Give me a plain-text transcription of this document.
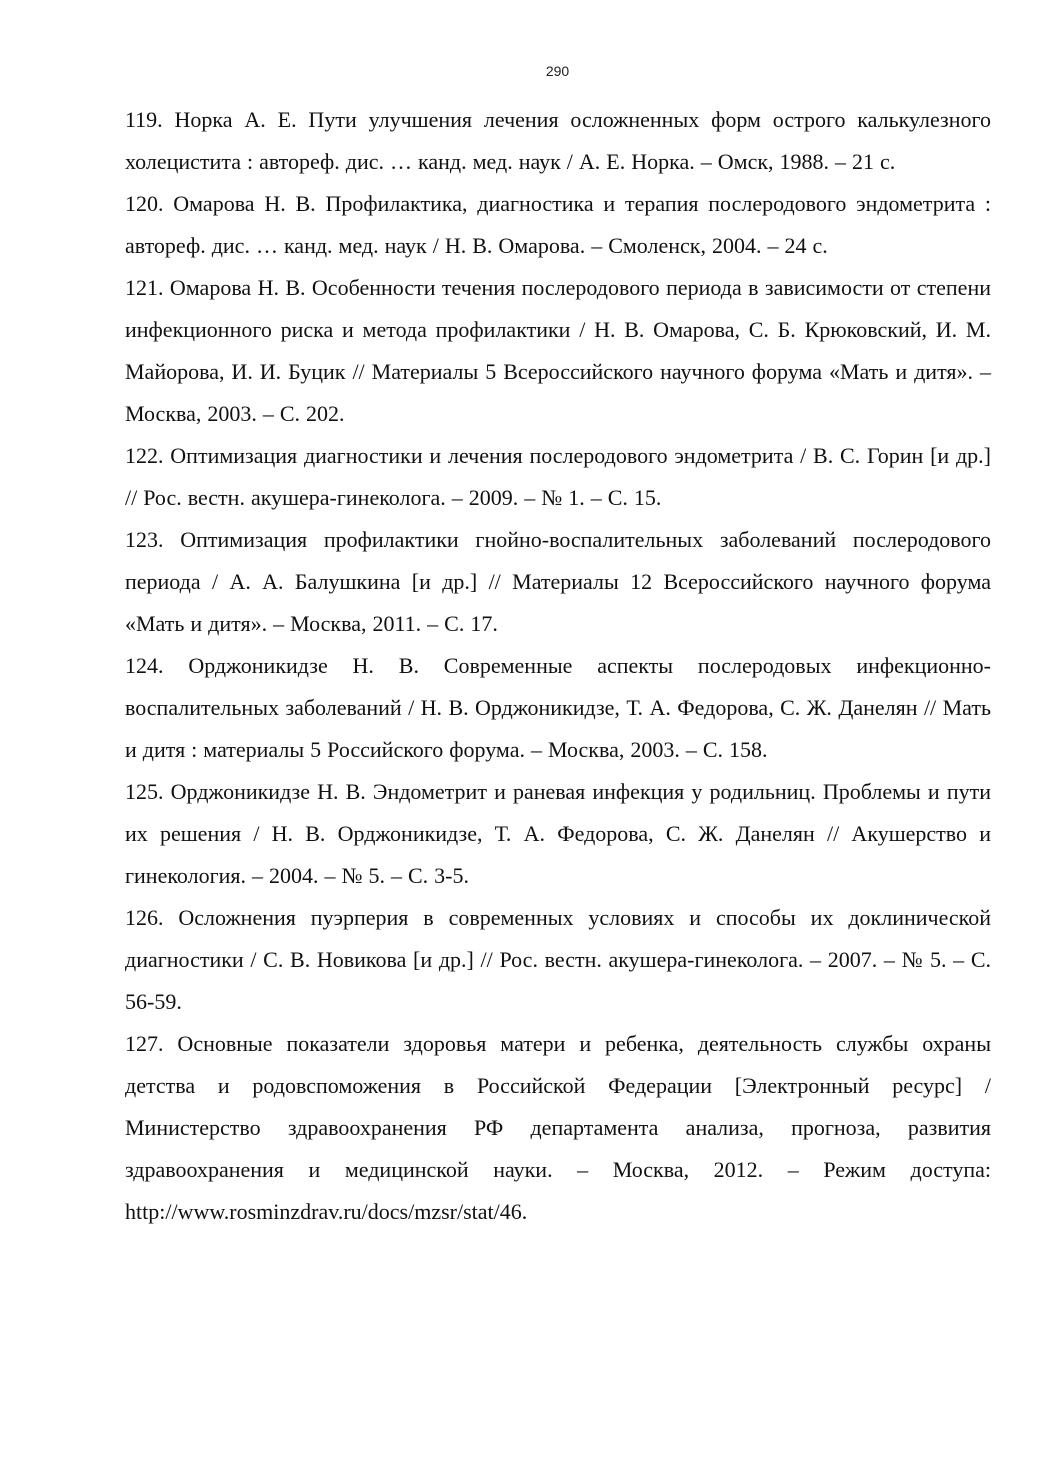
290
119. Норка А. Е. Пути улучшения лечения осложненных форм острого калькулезного холецистита : автореф. дис. … канд. мед. наук / А. Е. Норка. – Омск, 1988. – 21 с.
120. Омарова Н. В. Профилактика, диагностика и терапия послеродового эндометрита : автореф. дис. … канд. мед. наук / Н. В. Омарова. – Смоленск, 2004. – 24 с.
121. Омарова Н. В. Особенности течения послеродового периода в зависимости от степени инфекционного риска и метода профилактики / Н. В. Омарова, С. Б. Крюковский, И. М. Майорова, И. И. Буцик // Материалы 5 Всероссийского научного форума «Мать и дитя». – Москва, 2003. – С. 202.
122. Оптимизация диагностики и лечения послеродового эндометрита / В. С. Горин [и др.] // Рос. вестн. акушера-гинеколога. – 2009. – № 1. – С. 15.
123. Оптимизация профилактики гнойно-воспалительных заболеваний послеродового периода / А. А. Балушкина [и др.] // Материалы 12 Всероссийского научного форума «Мать и дитя». – Москва, 2011. – С. 17.
124. Орджоникидзе Н. В. Современные аспекты послеродовых инфекционно-воспалительных заболеваний / Н. В. Орджоникидзе, Т. А. Федорова, С. Ж. Данелян // Мать и дитя : материалы 5 Российского форума. – Москва, 2003. – С. 158.
125. Орджоникидзе Н. В. Эндометрит и раневая инфекция у родильниц. Проблемы и пути их решения / Н. В. Орджоникидзе, Т. А. Федорова, С. Ж. Данелян // Акушерство и гинекология. – 2004. – № 5. – С. 3-5.
126. Осложнения пуэрперия в современных условиях и способы их доклинической диагностики / С. В. Новикова [и др.] // Рос. вестн. акушера-гинеколога. – 2007. – № 5. – С. 56-59.
127. Основные показатели здоровья матери и ребенка, деятельность службы охраны детства и родовспоможения в Российской Федерации [Электронный ресурс] / Министерство здравоохранения РФ департамента анализа, прогноза, развития здравоохранения и медицинской науки. – Москва, 2012. – Режим доступа: http://www.rosminzdrav.ru/docs/mzsr/stat/46.
